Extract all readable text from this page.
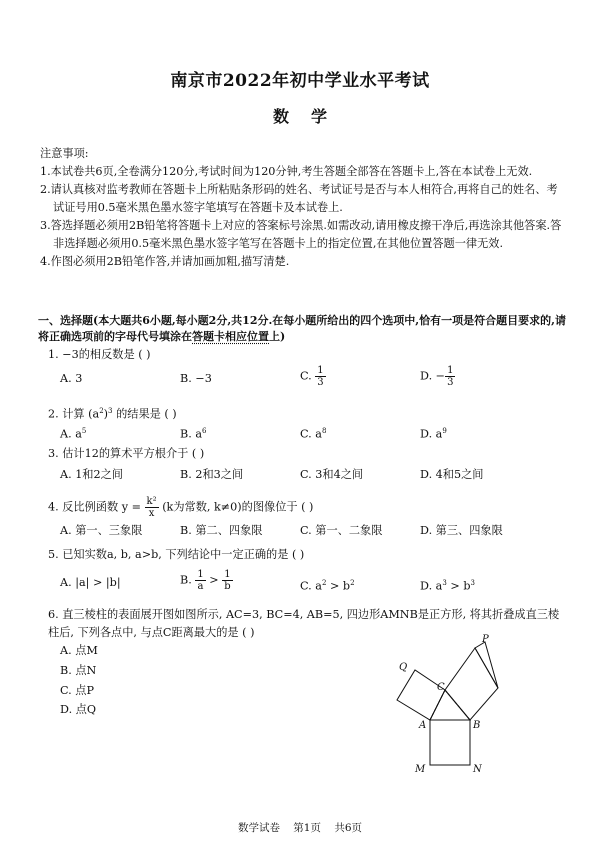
南京市2022年初中学业水平考试
数学
注意事项:
1.本试卷共6页,全卷满分120分,考试时间为120分钟,考生答题全部答在答题卡上,答在本试卷上无效.
2.请认真核对监考教师在答题卡上所粘贴条形码的姓名、考试证号是否与本人相符合,再将自己的姓名、考试证号用0.5毫米黑色墨水签字笔填写在答题卡及本试卷上.
3.答选择题必须用2B铅笔将答题卡上对应的答案标号涂黑.如需改动,请用橡皮擦干净后,再选涂其他答案.答非选择题必须用0.5毫米黑色墨水签字笔写在答题卡上的指定位置,在其他位置答题一律无效.
4.作图必须用2B铅笔作答,并请加画加粗,描写清楚.
一、选择题(本大题共6小题,每小题2分,共12分.在每小题所给出的四个选项中,恰有一项是符合题目要求的,请将正确选项前的字母代号填涂在答题卡相应位置上)
1. −3的相反数是 ( )
A. 3	B. −3	C. $\frac{1}{3}$	D. − $\frac{1}{3}$
2. 计算 $(a^2)^3$ 的结果是 ( )
A. $a^5$	B. $a^6$	C. $a^8$	D. $a^9$
3. 估计12的算术平方根介于 ( )
A. 1和2之间	B. 2和3之间	C. 3和4之间	D. 4和5之间
4. 反比例函数 $y = \frac{\text{k²}}{x} (k$为常数, k≠0)的图像位于 ( )
A. 第一、三象限	B. 第二、四象限	C. 第一、二象限	D. 第三、四象限
5. 已知实数a, b, a>b, 下列结论中一定正确的是 ( )
A. |a| > |b|	B. $\frac{1}{a} > \frac{1}{b}$	C. $a^2 > b^2$	D. $a^3 > b^3$
6. 直三棱柱的表面展开图如图所示, AC=3, BC=4, AB=5, 四边形AMNB是正方形, 将其折叠成直三棱柱后, 下列各点中, 与点C距离最大的是 ( )
A. 点M
B. 点N
C. 点P
D. 点Q
P
Q
C
A	B
M	N
数学试卷 第1页 共6页
